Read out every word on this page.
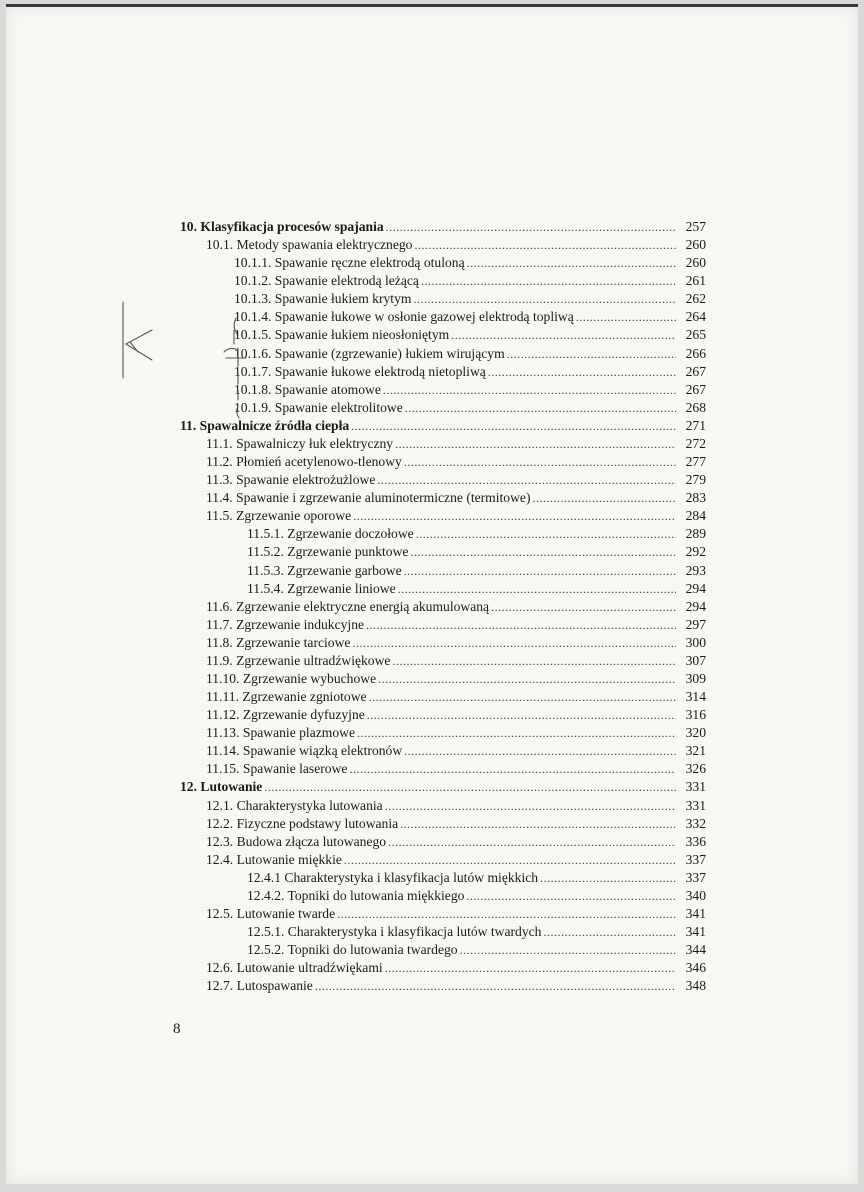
10. Klasyfikacja procesów spajania .....	257
10.1. Metody spawania elektrycznego .....	260
10.1.1. Spawanie ręczne elektrodą otuloną .....	260
10.1.2. Spawanie elektrodą leżącą .....	261
10.1.3. Spawanie łukiem krytym .....	262
10.1.4. Spawanie łukowe w osłonie gazowej elektrodą topliwą .....	264
10.1.5. Spawanie łukiem nieosłoniętym .....	265
10.1.6. Spawanie (zgrzewanie) łukiem wirującym .....	266
10.1.7. Spawanie łukowe elektrodą nietopliwą .....	267
10.1.8. Spawanie atomowe .....	267
10.1.9. Spawanie elektrolitowe .....	268
11. Spawalnicze źródła ciepła .....	271
11.1. Spawalniczy łuk elektryczny .....	272
11.2. Płomień acetylenowo-tlenowy .....	277
11.3. Spawanie elektrożużlowe .....	279
11.4. Spawanie i zgrzewanie aluminotermiczne (termitowe) .....	283
11.5. Zgrzewanie oporowe .....	284
11.5.1. Zgrzewanie doczołowe .....	289
11.5.2. Zgrzewanie punktowe .....	292
11.5.3. Zgrzewanie garbowe .....	293
11.5.4. Zgrzewanie liniowe .....	294
11.6. Zgrzewanie elektryczne energią akumulowaną .....	294
11.7. Zgrzewanie indukcyjne .....	297
11.8. Zgrzewanie tarciowe .....	300
11.9. Zgrzewanie ultradźwiękowe .....	307
11.10. Zgrzewanie wybuchowe .....	309
11.11. Zgrzewanie zgniotowe .....	314
11.12. Zgrzewanie dyfuzyjne .....	316
11.13. Spawanie plazmowe .....	320
11.14. Spawanie wiązką elektronów .....	321
11.15. Spawanie laserowe .....	326
12. Lutowanie .....	331
12.1. Charakterystyka lutowania .....	331
12.2. Fizyczne podstawy lutowania .....	332
12.3. Budowa złącza lutowanego .....	336
12.4. Lutowanie miękkie .....	337
12.4.1 Charakterystyka i klasyfikacja lutów miękkich .....	337
12.4.2. Topniki do lutowania miękkiego .....	340
12.5. Lutowanie twarde .....	341
12.5.1. Charakterystyka i klasyfikacja lutów twardych .....	341
12.5.2. Topniki do lutowania twardego .....	344
12.6. Lutowanie ultradźwiękami .....	346
12.7. Lutospawanie .....	348
8
